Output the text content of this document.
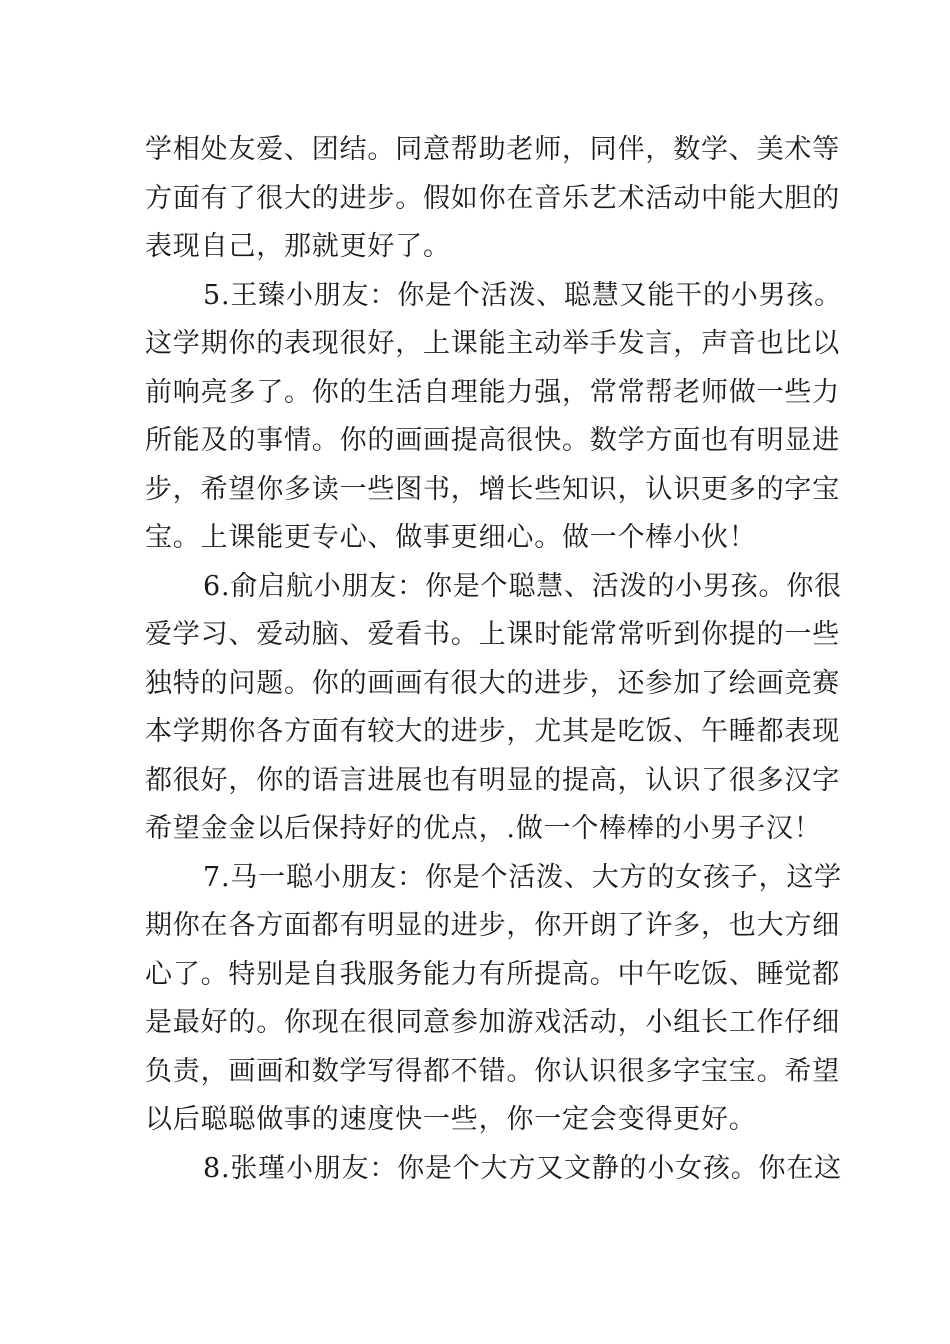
学相处友爱、团结。同意帮助老师，同伴，数学、美术等
方面有了很大的进步。假如你在音乐艺术活动中能大胆的
表现自己，那就更好了。
5.王臻小朋友：你是个活泼、聪慧又能干的小男孩。
这学期你的表现很好，上课能主动举手发言，声音也比以
前响亮多了。你的生活自理能力强，常常帮老师做一些力
所能及的事情。你的画画提高很快。数学方面也有明显进
步，希望你多读一些图书，增长些知识，认识更多的字宝
宝。上课能更专心、做事更细心。做一个棒小伙！
6.俞启航小朋友：你是个聪慧、活泼的小男孩。你很
爱学习、爱动脑、爱看书。上课时能常常听到你提的一些
独特的问题。你的画画有很大的进步，还参加了绘画竞赛
本学期你各方面有较大的进步，尤其是吃饭、午睡都表现
都很好，你的语言进展也有明显的提高，认识了很多汉字
希望金金以后保持好的优点，.做一个棒棒的小男子汉！
7.马一聪小朋友：你是个活泼、大方的女孩子，这学
期你在各方面都有明显的进步，你开朗了许多，也大方细
心了。特别是自我服务能力有所提高。中午吃饭、睡觉都
是最好的。你现在很同意参加游戏活动，小组长工作仔细
负责，画画和数学写得都不错。你认识很多字宝宝。希望
以后聪聪做事的速度快一些，你一定会变得更好。
8.张瑾小朋友：你是个大方又文静的小女孩。你在这
